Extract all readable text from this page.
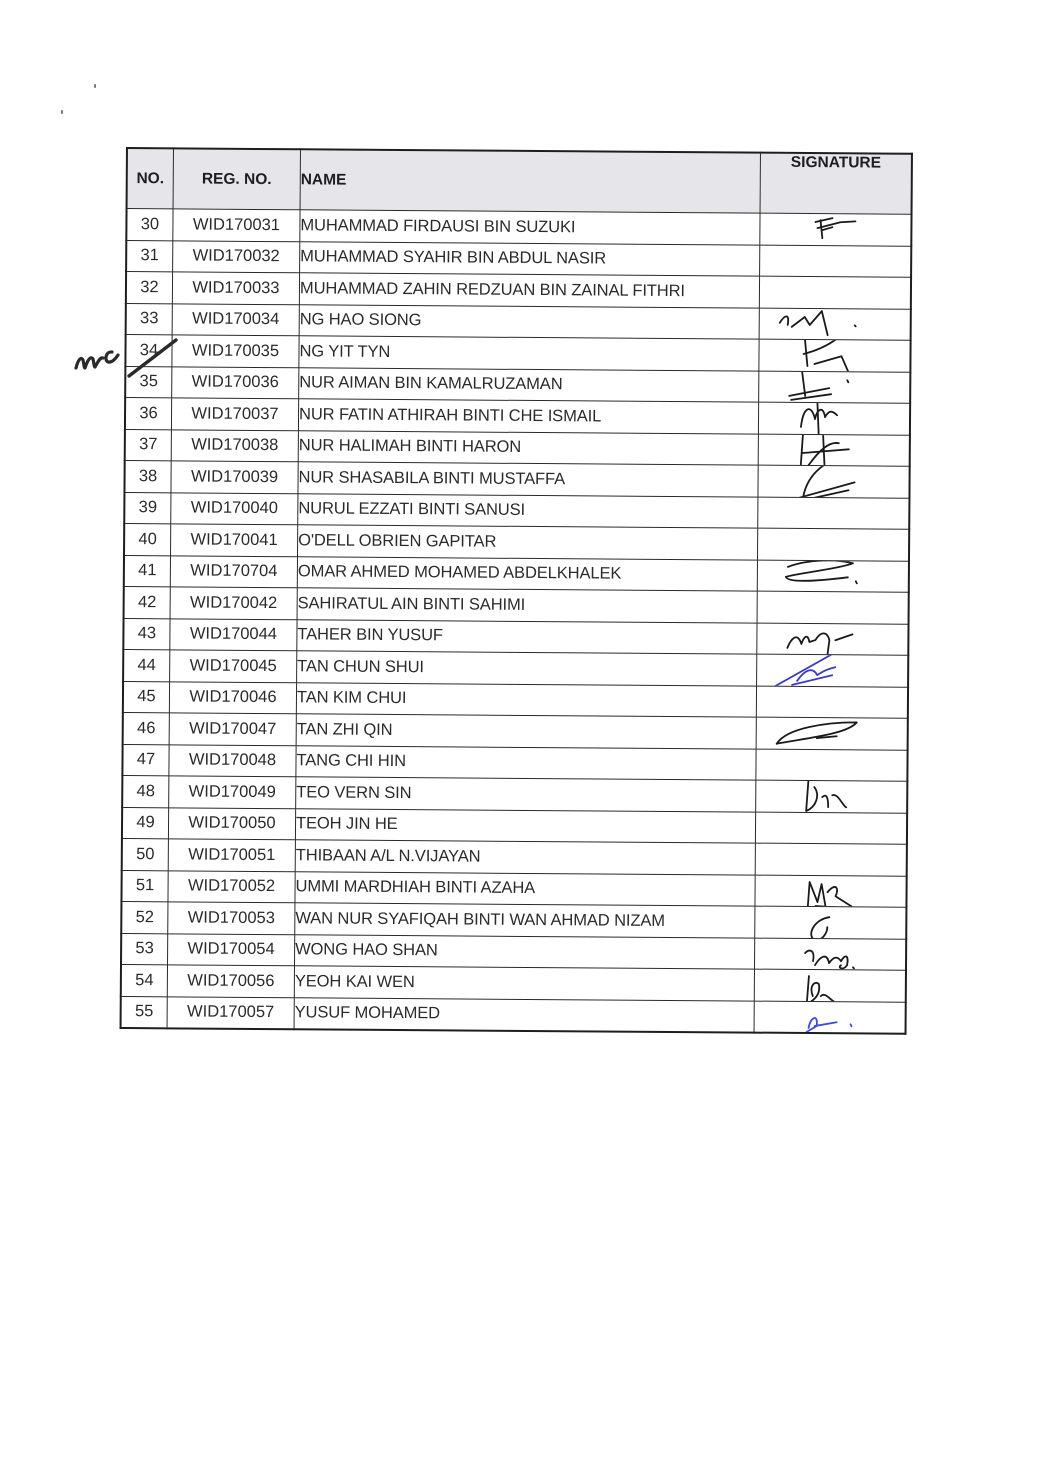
NO.	REG. NO.	NAME	SIGNATURE
30	WID170031	MUHAMMAD FIRDAUSI BIN SUZUKI	

31	WID170032	MUHAMMAD SYAHIR BIN ABDUL NASIR	
32	WID170033	MUHAMMAD ZAHIN REDZUAN BIN ZAINAL FITHRI	
33	WID170034	NG HAO SIONG	

34	WID170035	NG YIT TYN	

35	WID170036	NUR AIMAN BIN KAMALRUZAMAN	

36	WID170037	NUR FATIN ATHIRAH BINTI CHE ISMAIL	

37	WID170038	NUR HALIMAH BINTI HARON	

38	WID170039	NUR SHASABILA BINTI MUSTAFFA	

39	WID170040	NURUL EZZATI BINTI SANUSI	
40	WID170041	O'DELL OBRIEN GAPITAR	
41	WID170704	OMAR AHMED MOHAMED ABDELKHALEK	

42	WID170042	SAHIRATUL AIN BINTI SAHIMI	
43	WID170044	TAHER BIN YUSUF	

44	WID170045	TAN CHUN SHUI	

45	WID170046	TAN KIM CHUI	
46	WID170047	TAN ZHI QIN	

47	WID170048	TANG CHI HIN	
48	WID170049	TEO VERN SIN	

49	WID170050	TEOH JIN HE	
50	WID170051	THIBAAN A/L N.VIJAYAN	
51	WID170052	UMMI MARDHIAH BINTI AZAHA	

52	WID170053	WAN NUR SYAFIQAH BINTI WAN AHMAD NIZAM	

53	WID170054	WONG HAO SHAN	

54	WID170056	YEOH KAI WEN	

55	WID170057	YUSUF MOHAMED	
